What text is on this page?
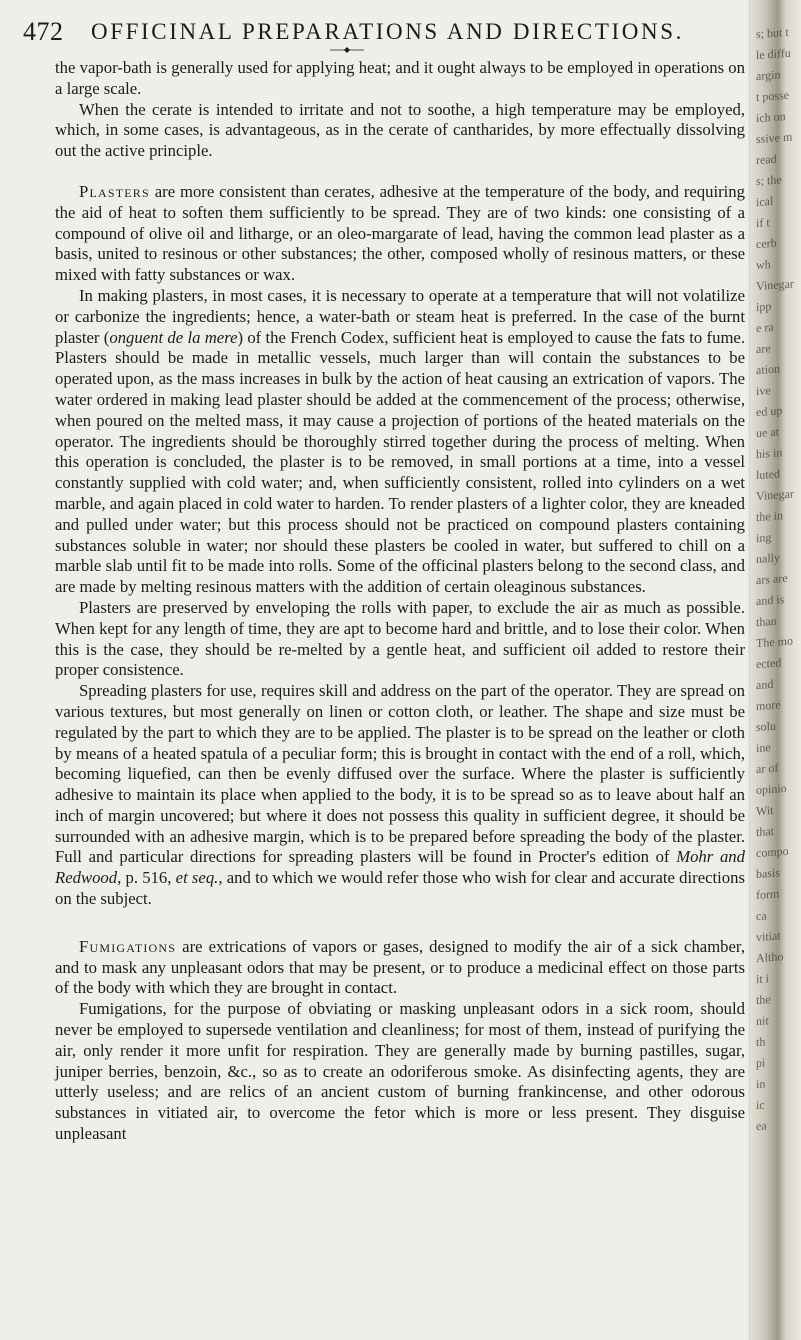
472 OFFICINAL PREPARATIONS AND DIRECTIONS.

the vapor-bath is generally used for applying heat; and it ought always to be employed in operations on a large scale.

When the cerate is intended to irritate and not to soothe, a high temperature may be employed, which, in some cases, is advantageous, as in the cerate of cantharides, by more effectually dissolving out the active principle.

Plasters are more consistent than cerates, adhesive at the temperature of the body, and requiring the aid of heat to soften them sufficiently to be spread. They are of two kinds: one consisting of a compound of olive oil and litharge, or an oleo-margarate of lead, having the common lead plaster as a basis, united to resinous or other substances; the other, composed wholly of resinous matters, or these mixed with fatty substances or wax.

In making plasters, in most cases, it is necessary to operate at a temperature that will not volatilize or carbonize the ingredients; hence, a water-bath or steam heat is preferred. In the case of the burnt plaster (onguent de la mere) of the French Codex, sufficient heat is employed to cause the fats to fume. Plasters should be made in metallic vessels, much larger than will contain the substances to be operated upon, as the mass increases in bulk by the action of heat causing an extrication of vapors. The water ordered in making lead plaster should be added at the commencement of the process; otherwise, when poured on the melted mass, it may cause a projection of portions of the heated materials on the operator. The ingredients should be thoroughly stirred together during the process of melting. When this operation is concluded, the plaster is to be removed, in small portions at a time, into a vessel constantly supplied with cold water; and, when sufficiently consistent, rolled into cylinders on a wet marble, and again placed in cold water to harden. To render plasters of a lighter color, they are kneaded and pulled under water; but this process should not be practiced on compound plasters containing substances soluble in water; nor should these plasters be cooled in water, but suffered to chill on a marble slab until fit to be made into rolls. Some of the officinal plasters belong to the second class, and are made by melting resinous matters with the addition of certain oleaginous substances.

Plasters are preserved by enveloping the rolls with paper, to exclude the air as much as possible. When kept for any length of time, they are apt to become hard and brittle, and to lose their color. When this is the case, they should be re-melted by a gentle heat, and sufficient oil added to restore their proper consistence.

Spreading plasters for use, requires skill and address on the part of the operator. They are spread on various textures, but most generally on linen or cotton cloth, or leather. The shape and size must be regulated by the part to which they are to be applied. The plaster is to be spread on the leather or cloth by means of a heated spatula of a peculiar form; this is brought in contact with the end of a roll, which, becoming liquefied, can then be evenly diffused over the surface. Where the plaster is sufficiently adhesive to maintain its place when applied to the body, it is to be spread so as to leave about half an inch of margin uncovered; but where it does not possess this quality in sufficient degree, it should be surrounded with an adhesive margin, which is to be prepared before spreading the body of the plaster. Full and particular directions for spreading plasters will be found in Procter's edition of Mohr and Redwood, p. 516, et seq., and to which we would refer those who wish for clear and accurate directions on the subject.

Fumigations are extrications of vapors or gases, designed to modify the air of a sick chamber, and to mask any unpleasant odors that may be present, or to produce a medicinal effect on those parts of the body with which they are brought in contact.

Fumigations, for the purpose of obviating or masking unpleasant odors in a sick room, should never be employed to supersede ventilation and cleanliness; for most of them, instead of purifying the air, only render it more unfit for respiration. They are generally made by burning pastilles, sugar, juniper berries, benzoin, &c., so as to create an odoriferous smoke. As disinfecting agents, they are utterly useless; and are relics of an ancient custom of burning frankincense, and other odorous substances in vitiated air, to overcome the fetor which is more or less present. They disguise unpleasant

s; but t
le diffu
argin
t posse
ich on
ssive m
read
s; the
ical
if t
cerb
wh
Vinegar
ipp
e ra
are
ation
ive
ed up
ue at
his in
luted
Vinegar
the in
ing
nally
ars are
and is
than
The mo
ected
and
more
solu
ine
ar of
opinio
Wit
that
compo
basis
form
ca
vitiat
Altho
it i
the
nit
th
pi
in
ic
ea
